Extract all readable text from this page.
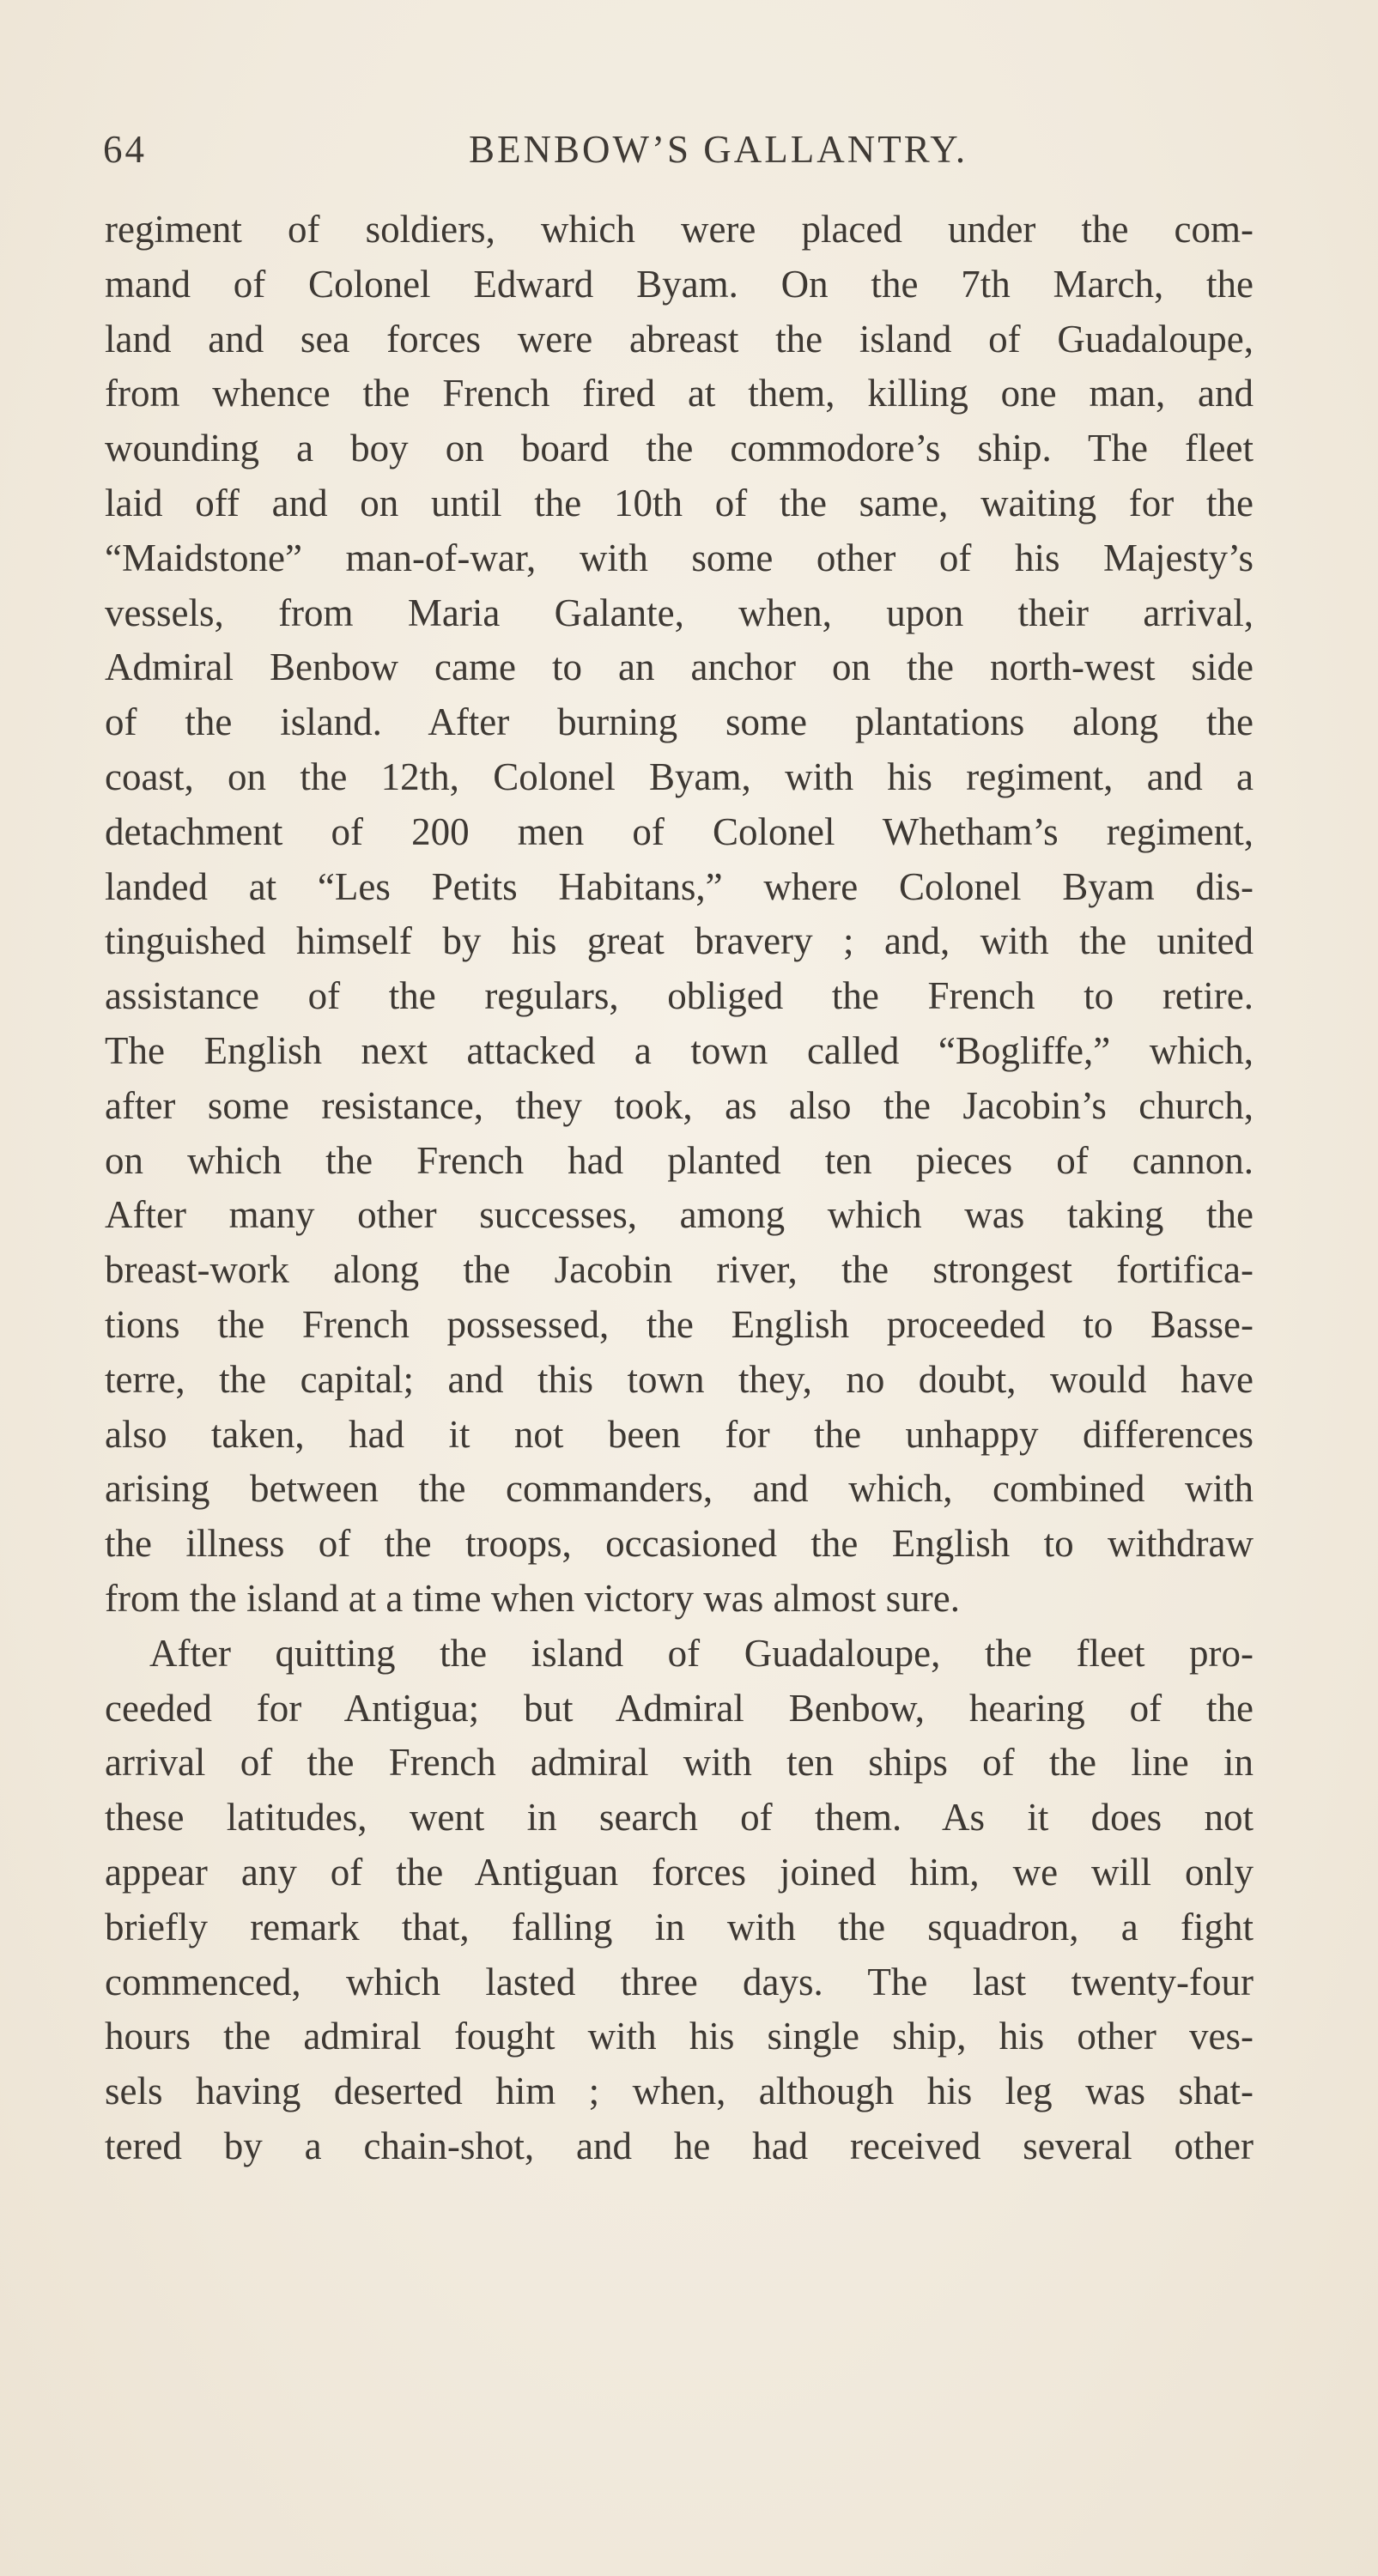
64	BENBOW’S GALLANTRY.
regiment of soldiers, which were placed under the com-
mand of Colonel Edward Byam. On the 7th March, the
land and sea forces were abreast the island of Guadaloupe,
from whence the French fired at them, killing one man, and
wounding a boy on board the commodore’s ship. The fleet
laid off and on until the 10th of the same, waiting for the
“Maidstone” man-of-war, with some other of his Majesty’s
vessels, from Maria Galante, when, upon their arrival,
Admiral Benbow came to an anchor on the north-west side
of the island. After burning some plantations along the
coast, on the 12th, Colonel Byam, with his regiment, and a
detachment of 200 men of Colonel Whetham’s regiment,
landed at “Les Petits Habitans,” where Colonel Byam dis-
tinguished himself by his great bravery ; and, with the united
assistance of the regulars, obliged the French to retire.
The English next attacked a town called “Bogliffe,” which,
after some resistance, they took, as also the Jacobin’s church,
on which the French had planted ten pieces of cannon.
After many other successes, among which was taking the
breast-work along the Jacobin river, the strongest fortifica-
tions the French possessed, the English proceeded to Basse-
terre, the capital; and this town they, no doubt, would have
also taken, had it not been for the unhappy differences
arising between the commanders, and which, combined with
the illness of the troops, occasioned the English to withdraw
from the island at a time when victory was almost sure.
After quitting the island of Guadaloupe, the fleet pro-
ceeded for Antigua; but Admiral Benbow, hearing of the
arrival of the French admiral with ten ships of the line in
these latitudes, went in search of them. As it does not
appear any of the Antiguan forces joined him, we will only
briefly remark that, falling in with the squadron, a fight
commenced, which lasted three days. The last twenty-four
hours the admiral fought with his single ship, his other ves-
sels having deserted him ; when, although his leg was shat-
tered by a chain-shot, and he had received several other
